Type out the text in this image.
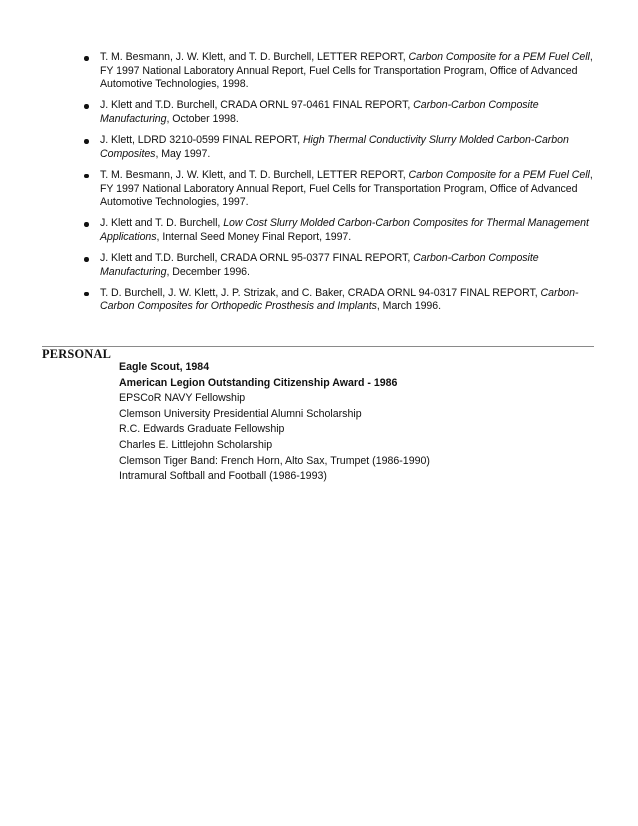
T. M. Besmann, J. W. Klett, and T. D. Burchell, LETTER REPORT, Carbon Composite for a PEM Fuel Cell, FY 1997 National Laboratory Annual Report, Fuel Cells for Transportation Program, Office of Advanced Automotive Technologies, 1998.
J. Klett and T.D. Burchell, CRADA ORNL 97-0461 FINAL REPORT, Carbon-Carbon Composite Manufacturing, October 1998.
J. Klett, LDRD 3210-0599 FINAL REPORT, High Thermal Conductivity Slurry Molded Carbon-Carbon Composites, May 1997.
T. M. Besmann, J. W. Klett, and T. D. Burchell, LETTER REPORT, Carbon Composite for a PEM Fuel Cell, FY 1997 National Laboratory Annual Report, Fuel Cells for Transportation Program, Office of Advanced Automotive Technologies, 1997.
J. Klett and T. D. Burchell, Low Cost Slurry Molded Carbon-Carbon Composites for Thermal Management Applications, Internal Seed Money Final Report, 1997.
J. Klett and T.D. Burchell, CRADA ORNL 95-0377 FINAL REPORT, Carbon-Carbon Composite Manufacturing, December 1996.
T. D. Burchell, J. W. Klett, J. P. Strizak, and C. Baker, CRADA ORNL 94-0317 FINAL REPORT, Carbon-Carbon Composites for Orthopedic Prosthesis and Implants, March 1996.
PERSONAL
Eagle Scout, 1984
American Legion Outstanding Citizenship Award - 1986
EPSCoR NAVY Fellowship
Clemson University Presidential Alumni Scholarship
R.C. Edwards Graduate Fellowship
Charles E. Littlejohn Scholarship
Clemson Tiger Band: French Horn, Alto Sax, Trumpet (1986-1990)
Intramural Softball and Football (1986-1993)
